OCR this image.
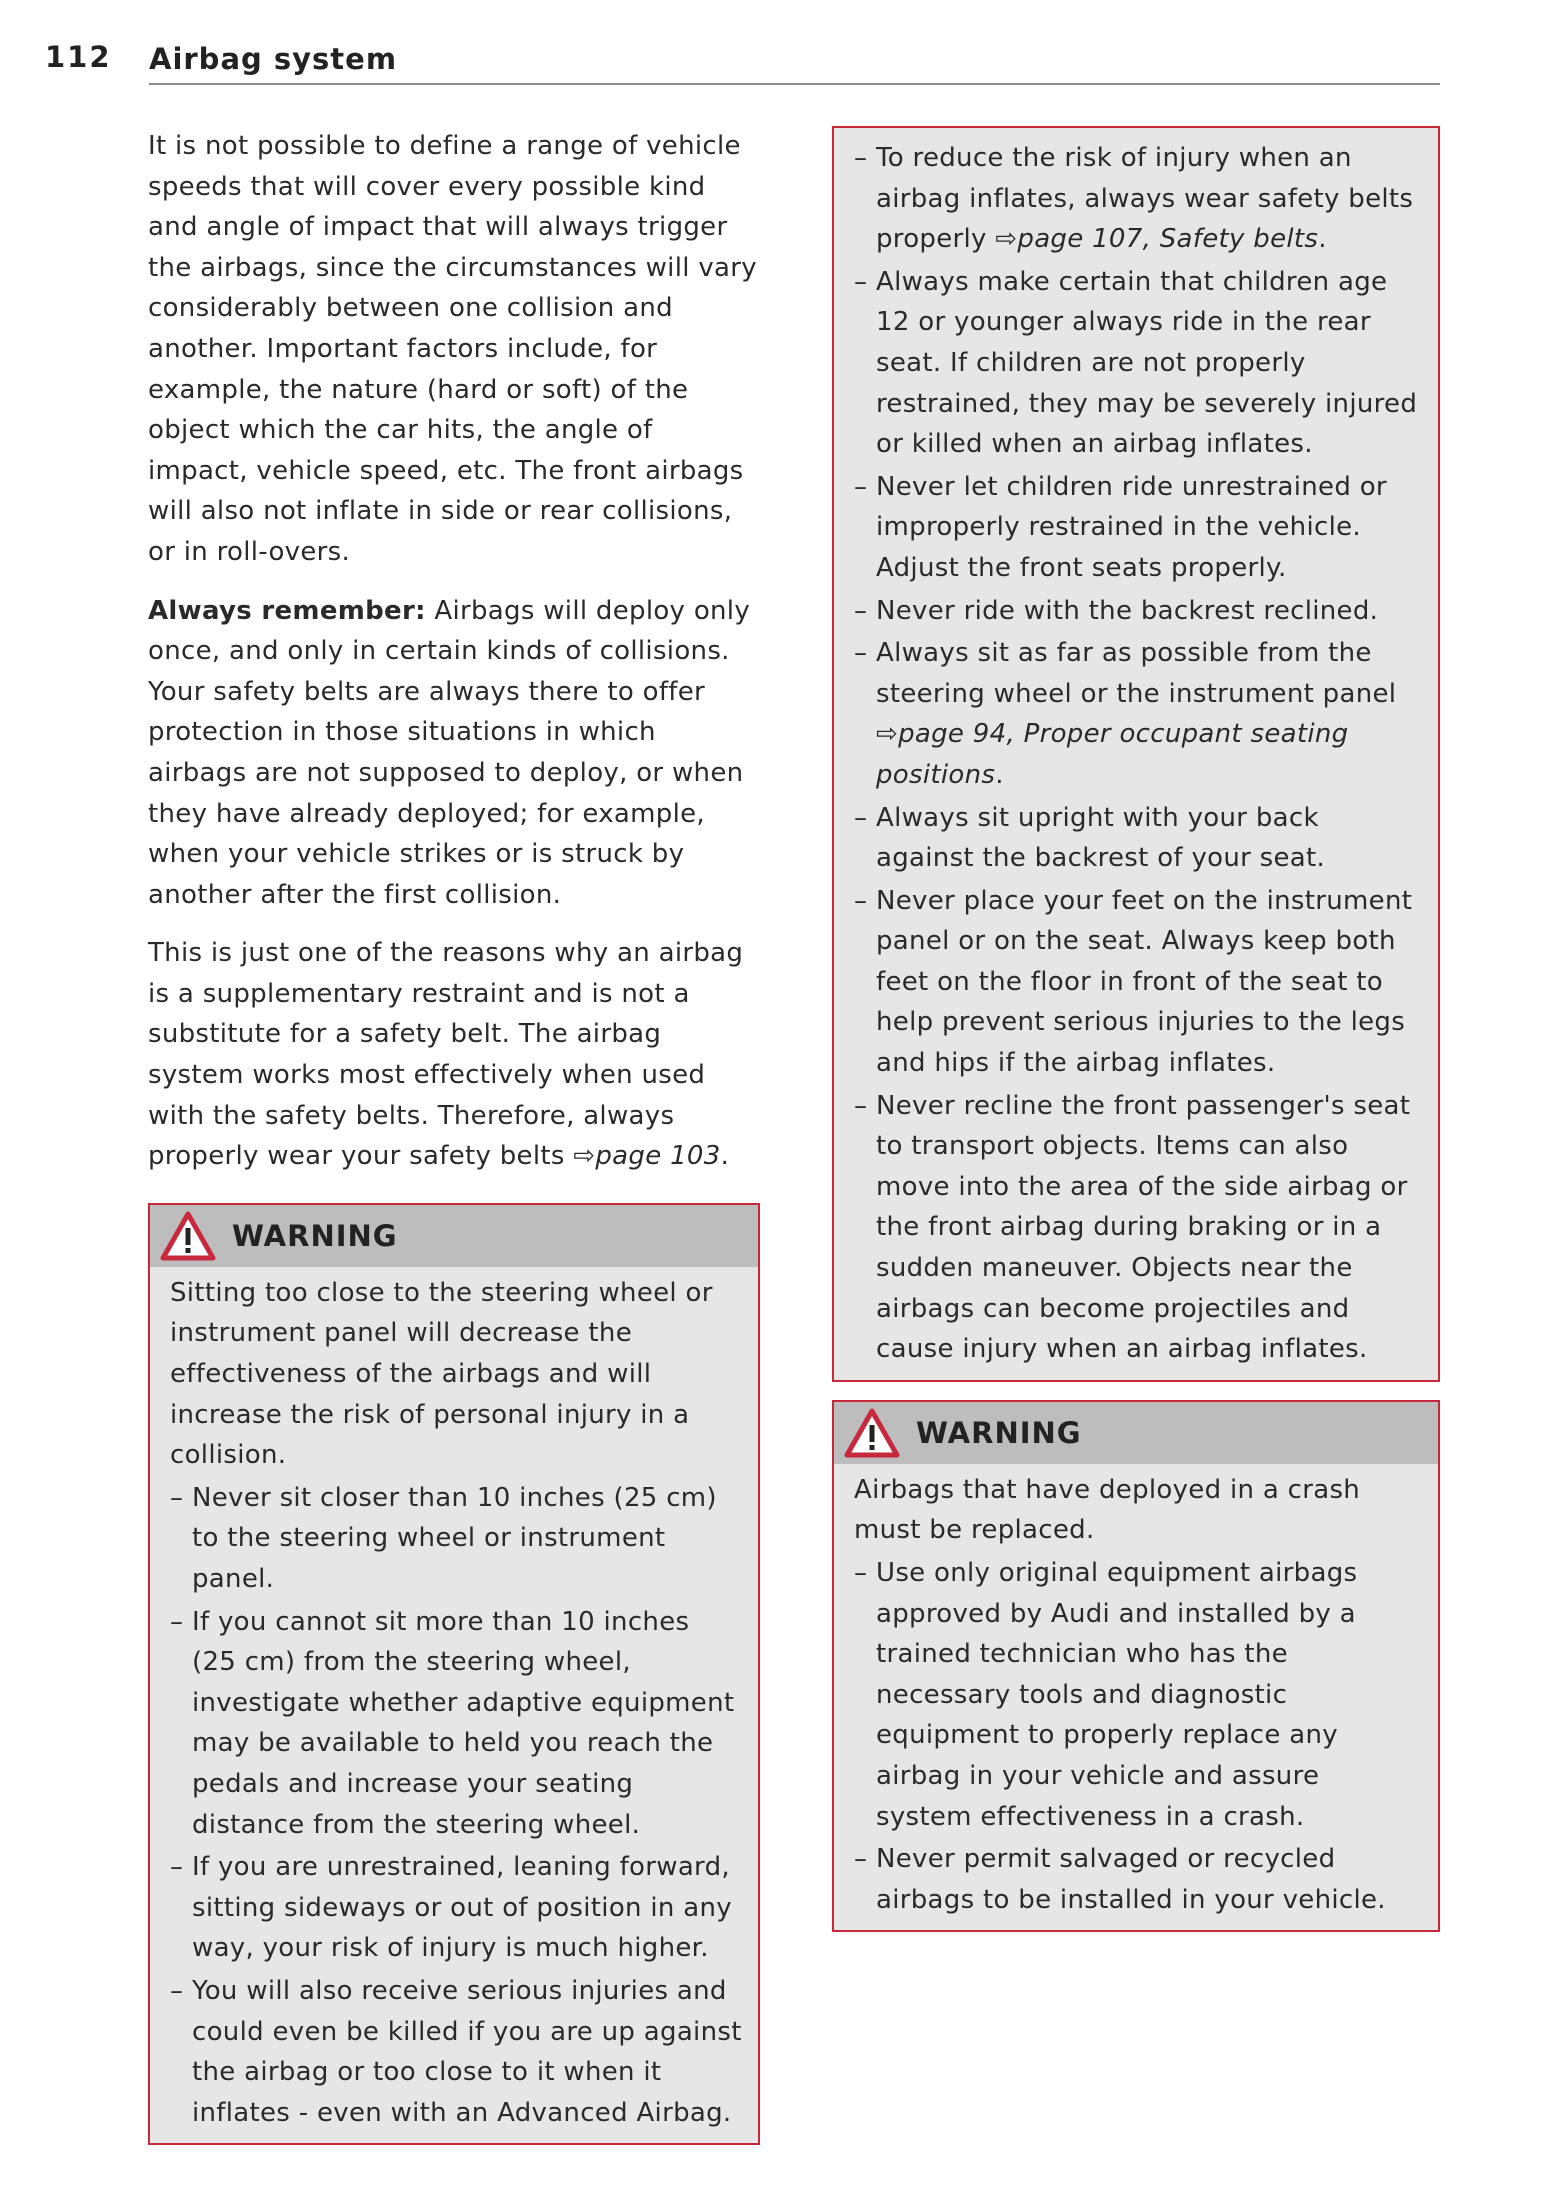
112 Airbag system

It is not possible to define a range of vehicle speeds that will cover every possible kind and angle of impact that will always trigger the airbags, since the circumstances will vary considerably between one collision and another. Important factors include, for example, the nature (hard or soft) of the object which the car hits, the angle of impact, vehicle speed, etc. The front airbags will also not inflate in side or rear collisions, or in roll-overs.

Always remember: Airbags will deploy only once, and only in certain kinds of collisions. Your safety belts are always there to offer protection in those situations in which airbags are not supposed to deploy, or when they have already deployed; for example, when your vehicle strikes or is struck by another after the first collision.

This is just one of the reasons why an airbag is a supplementary restraint and is not a substitute for a safety belt. The airbag system works most effectively when used with the safety belts. Therefore, always properly wear your safety belts ⇨page 103.

WARNING

Sitting too close to the steering wheel or instrument panel will decrease the effectiveness of the airbags and will increase the risk of personal injury in a collision.

– Never sit closer than 10 inches (25 cm) to the steering wheel or instrument panel.
– If you cannot sit more than 10 inches (25 cm) from the steering wheel, investigate whether adaptive equipment may be available to held you reach the pedals and increase your seating distance from the steering wheel.
– If you are unrestrained, leaning forward, sitting sideways or out of position in any way, your risk of injury is much higher.
– You will also receive serious injuries and could even be killed if you are up against the airbag or too close to it when it inflates - even with an Advanced Airbag.
– To reduce the risk of injury when an airbag inflates, always wear safety belts properly ⇨page 107, Safety belts.
– Always make certain that children age 12 or younger always ride in the rear seat. If children are not properly restrained, they may be severely injured or killed when an airbag inflates.
– Never let children ride unrestrained or improperly restrained in the vehicle. Adjust the front seats properly.
– Never ride with the backrest reclined.
– Always sit as far as possible from the steering wheel or the instrument panel ⇨page 94, Proper occupant seating positions.
– Always sit upright with your back against the backrest of your seat.
– Never place your feet on the instrument panel or on the seat. Always keep both feet on the floor in front of the seat to help prevent serious injuries to the legs and hips if the airbag inflates.
– Never recline the front passenger's seat to transport objects. Items can also move into the area of the side airbag or the front airbag during braking or in a sudden maneuver. Objects near the airbags can become projectiles and cause injury when an airbag inflates.
WARNING

Airbags that have deployed in a crash must be replaced.

– Use only original equipment airbags approved by Audi and installed by a trained technician who has the necessary tools and diagnostic equipment to properly replace any airbag in your vehicle and assure system effectiveness in a crash.
– Never permit salvaged or recycled airbags to be installed in your vehicle.
